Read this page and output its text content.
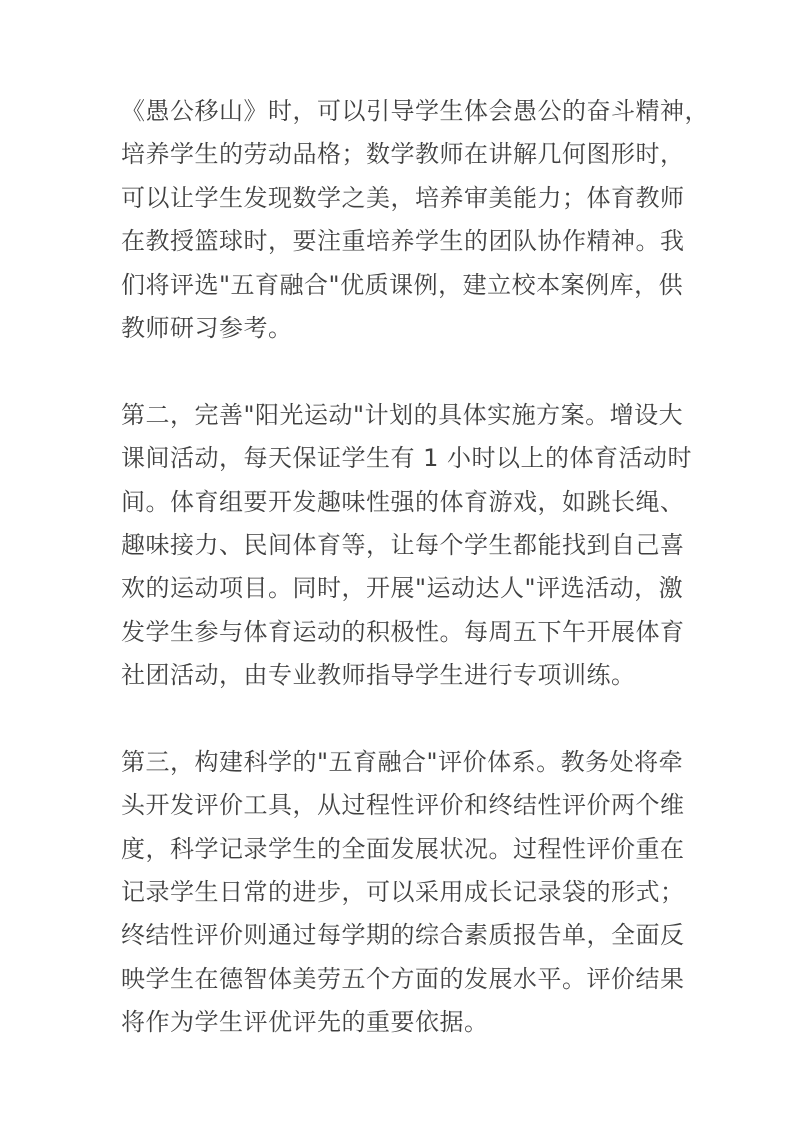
《愚公移山》时，可以引导学生体会愚公的奋斗精神，
培养学生的劳动品格；数学教师在讲解几何图形时，
可以让学生发现数学之美，培养审美能力；体育教师
在教授篮球时，要注重培养学生的团队协作精神。我
们将评选"五育融合"优质课例，建立校本案例库，供
教师研习参考。
第二，完善"阳光运动"计划的具体实施方案。增设大
课间活动，每天保证学生有 1 小时以上的体育活动时
间。体育组要开发趣味性强的体育游戏，如跳长绳、
趣味接力、民间体育等，让每个学生都能找到自己喜
欢的运动项目。同时，开展"运动达人"评选活动，激
发学生参与体育运动的积极性。每周五下午开展体育
社团活动，由专业教师指导学生进行专项训练。
第三，构建科学的"五育融合"评价体系。教务处将牵
头开发评价工具，从过程性评价和终结性评价两个维
度，科学记录学生的全面发展状况。过程性评价重在
记录学生日常的进步，可以采用成长记录袋的形式；
终结性评价则通过每学期的综合素质报告单，全面反
映学生在德智体美劳五个方面的发展水平。评价结果
将作为学生评优评先的重要依据。
